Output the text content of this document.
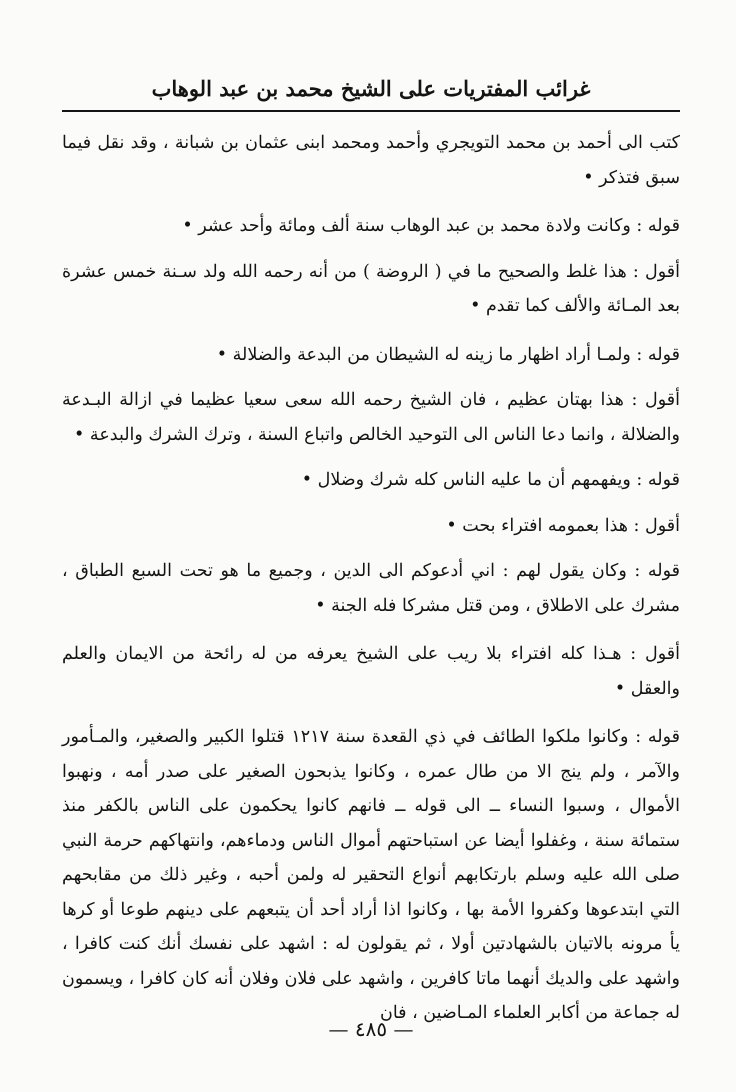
غرائب المفتريات على الشيخ محمد بن عبد الوهاب

كتب الى أحمد بن محمد التويجري وأحمد ومحمد ابنى عثمان بن شبانة ، وقد نقل فيما سبق فتذكر •

قوله : وكانت ولادة محمد بن عبد الوهاب سنة ألف ومائة وأحد عشر •

أقول : هذا غلط والصحيح ما في ( الروضة ) من أنه رحمه الله ولد سـنة خمس عشرة بعد المـائة والألف كما تقدم •

قوله : ولمـا أراد اظهار ما زينه له الشيطان من البدعة والضلالة •

أقول : هذا بهتان عظيم ، فان الشيخ رحمه الله سعى سعيا عظيما في ازالة البـدعة والضلالة ، وانما دعا الناس الى التوحيد الخالص واتباع السنة ، وترك الشرك والبدعة •

قوله : ويفهمهم أن ما عليه الناس كله شرك وضلال •

أقول : هذا بعمومه افتراء بحت •

قوله : وكان يقول لهم : اني أدعوكم الى الدين ، وجميع ما هو تحت السبع الطباق ، مشرك على الاطلاق ، ومن قتل مشركا فله الجنة •

أقول : هـذا كله افتراء بلا ريب على الشيخ يعرفه من له رائحة من الايمان والعلم والعقل •

قوله : وكانوا ملكوا الطائف في ذي القعدة سنة ١٢١٧ قتلوا الكبير والصغير، والمـأمور والآمر ، ولم ينج الا من طال عمره ، وكانوا يذبحون الصغير على صدر أمه ، ونهبوا الأموال ، وسبوا النساء ــ الى قوله ــ فانهم كانوا يحكمون على الناس بالكفر منذ ستمائة سنة ، وغفلوا أيضا عن استباحتهم أموال الناس ودماءهم، وانتهاكهم حرمة النبي صلى الله عليه وسلم بارتكابهم أنواع التحقير له ولمن أحبه ، وغير ذلك من مقابحهم التي ابتدعوها وكفروا الأمة بها ، وكانوا اذا أراد أحد أن يتبعهم على دينهم طوعا أو كرها يأ مرونه بالاتيان بالشهادتين أولا ، ثم يقولون له : اشهد على نفسك أنك كنت كافرا ، واشهد على والديك أنهما ماتا كافرين ، واشهد على فلان وفلان أنه كان كافرا ، ويسمون له جماعة من أكابر العلماء المـاضين ، فان

— ٤٨٥ —
